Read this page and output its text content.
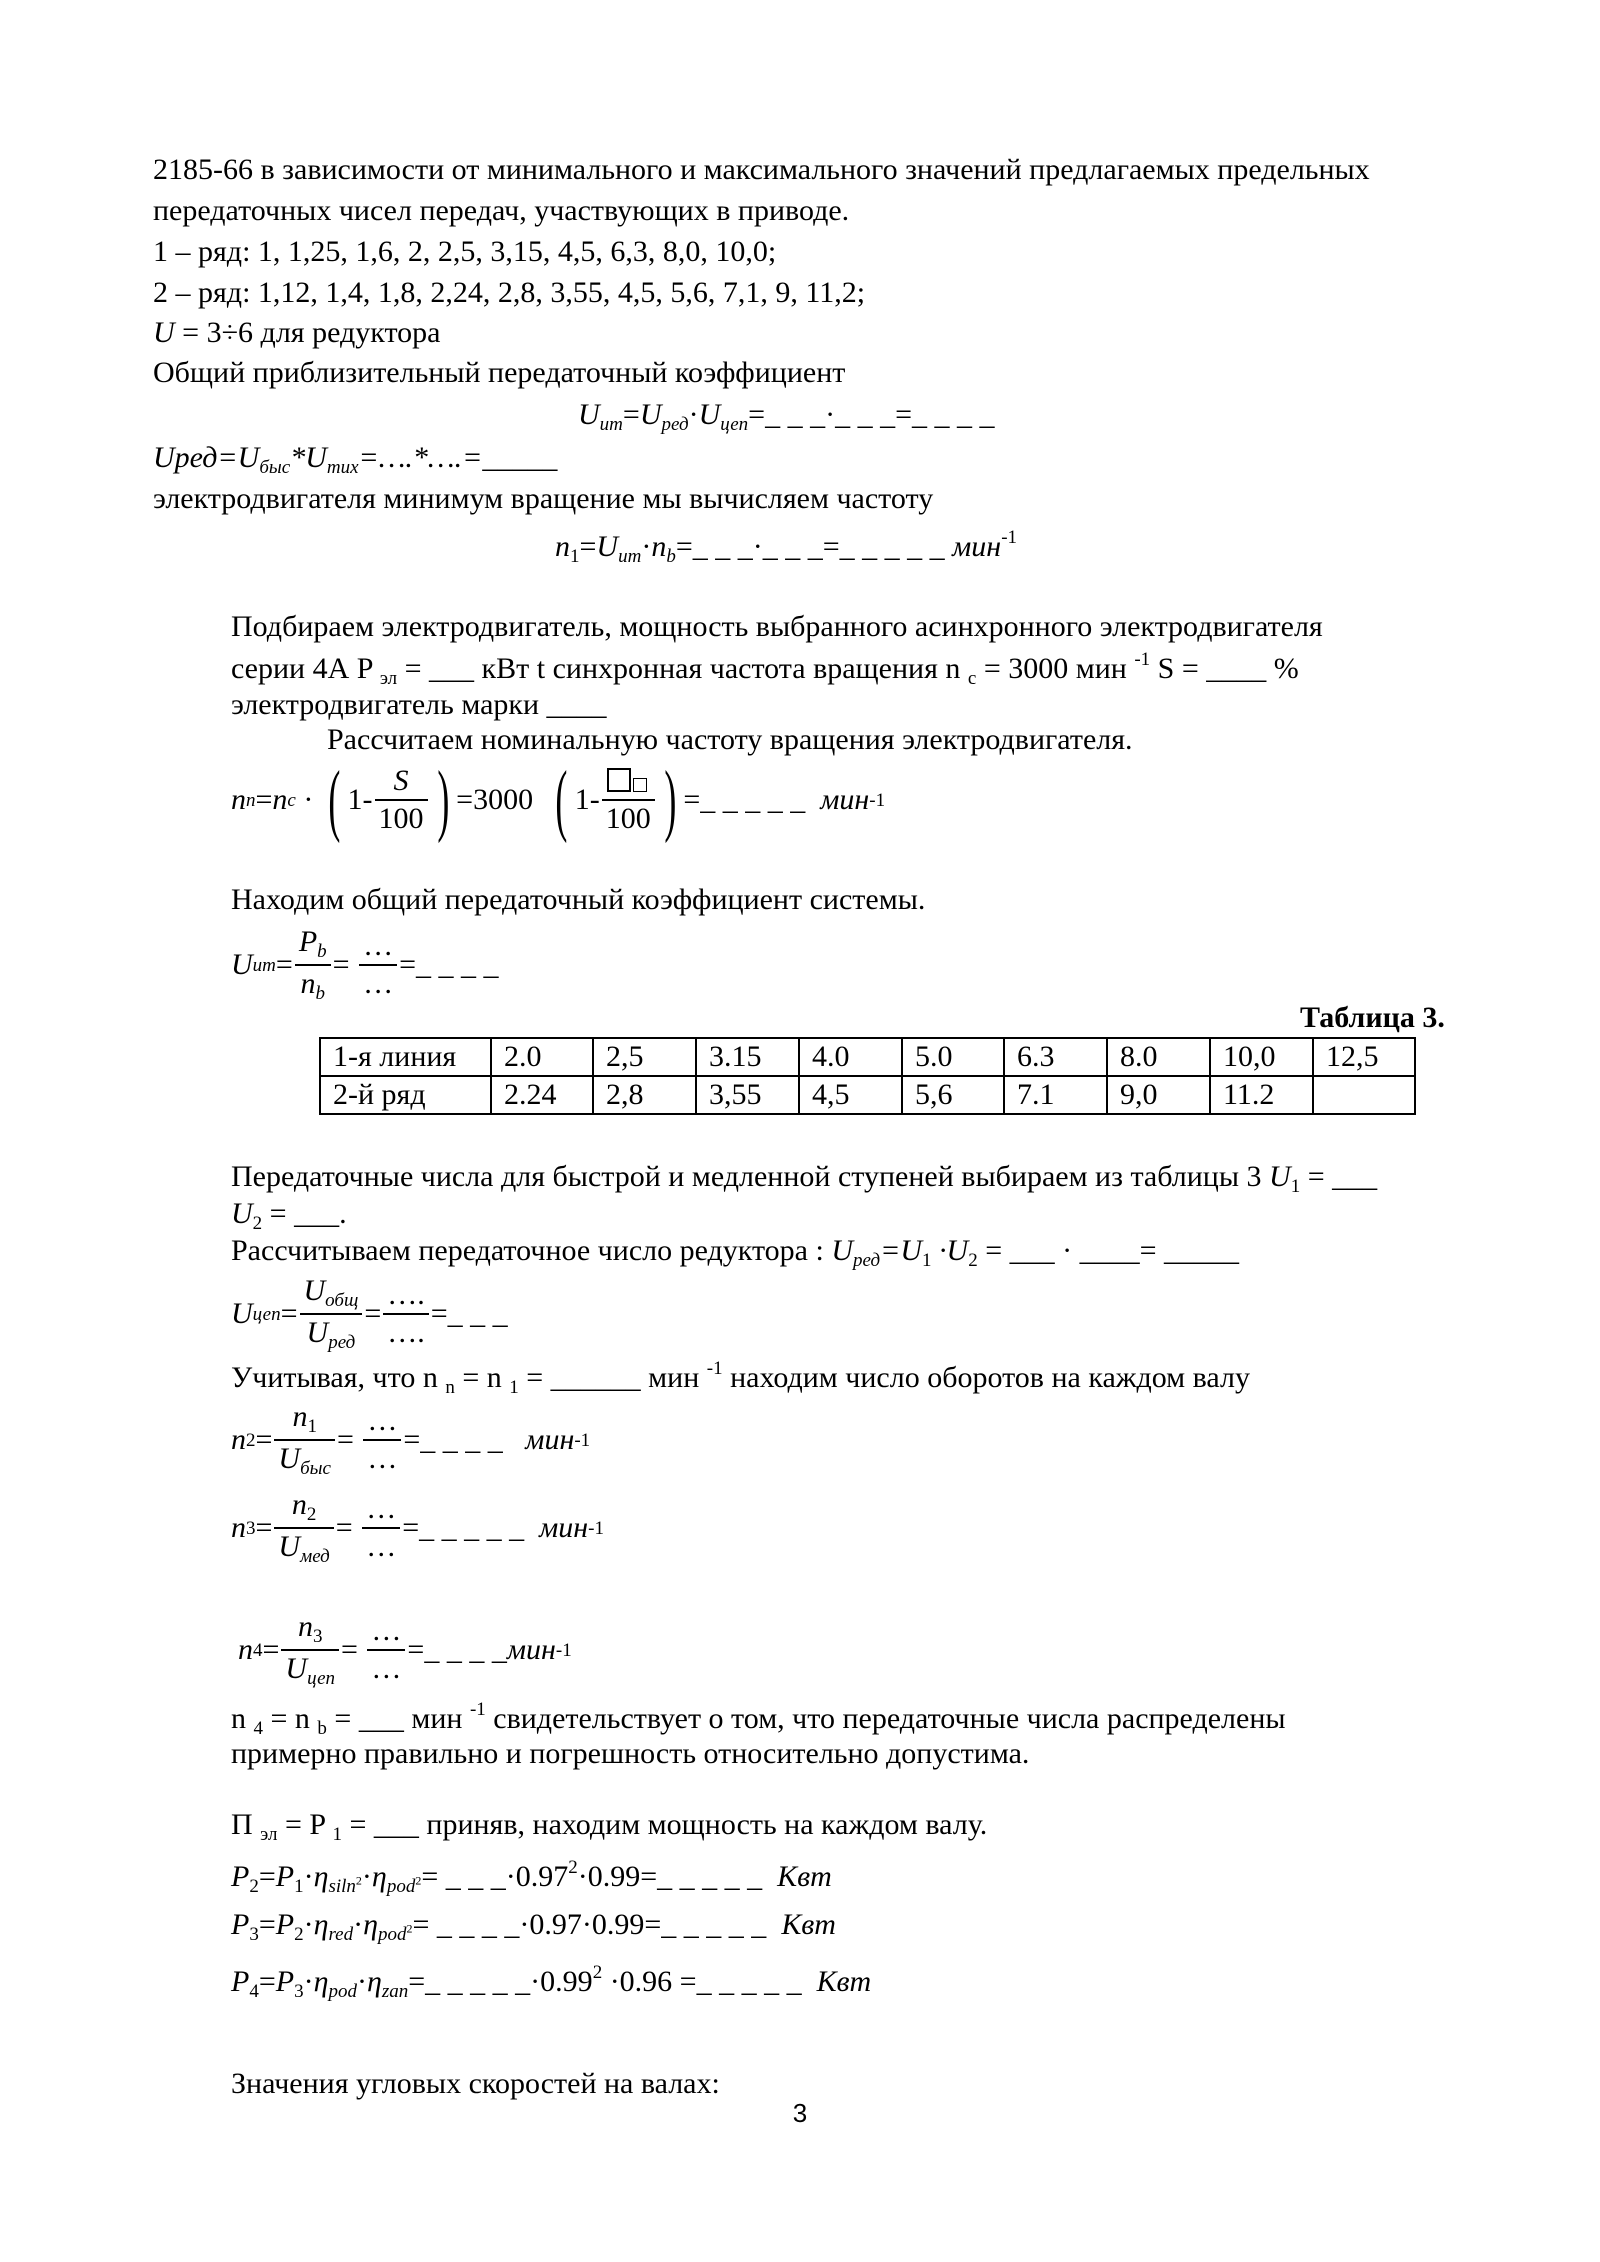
2185-66 в зависимости от минимального и максимального значений предлагаемых предельных
передаточных чисел передач, участвующих в приводе.
1 – ряд: 1, 1,25, 1,6, 2, 2,5, 3,15, 4,5, 6,3, 8,0, 10,0;
2 – ряд: 1,12, 1,4, 1,8, 2,24, 2,8, 3,55, 4,5, 5,6, 7,1, 9, 11,2;
U = 3÷6 для редуктора
Общий приблизительный передаточный коэффициент
$U_{ит}=U_{ред}\cdot U_{цеп}=\_$ _ _·_ _ _=_ _ _ _
$Uред=U_{быс}*U_{тих}=\dots.*\dots.=\_\_\_\_\_$
электродвигателя минимум вращение мы вычисляем частоту
$n_1=U_{ит}\cdot n_b=\_$ _ _·_ _ _=_ _ _ _ _ мин$^{-1}$
Подбираем электродвигатель, мощность выбранного асинхронного электродвигателя
серии 4А P $_{эл}$ = ___ кВт t синхронная частота вращения n $_c$ = 3000 мин $^{-1}$ S = ____ %
электродвигатель марки ____
Рассчитаем номинальную частоту вращения электродвигателя.
n n = n c · ( $1 - \frac{S}{100}$ ) = 3000
( 1 -
100 ) =_ _ _ _ _
мин -1
Находим общий передаточный коэффициент системы.
U ит = $\frac{P_b}{n_b} = \frac{\dots}{\dots}$ =_ _ _ _
Таблица 3.
1-я линия	2.0	2,5	3.15	4.0	5.0	6.3	8.0	10,0	12,5
2-й ряд	2.24	2,8	3,55	4,5	5,6	7.1	9,0	11.2	
Передаточные числа для быстрой и медленной ступеней выбираем из таблицы 3 $U_1$ = ___
$U_2$ = ___.
Рассчитываем передаточное число редуктора : $U_{ред}=U_1 \cdot U_2$ = ___ · ____= _____
U цеп = $\frac{U_{общ}}{U_{ред}} = \frac{\dots.}{\dots.}$ =_ _ _
Учитывая, что n $_n$ = n $_1$ = ______ мин $^{-1}$ находим число оборотов на каждом валу
n $2 = \frac{n_1}{U_{быс}} = \frac{\dots}{\dots}$ =_ _ _ _
мин -1
n $3 = \frac{n_2}{U_{мед}} = \frac{\dots}{\dots}$ =_ _ _ _ _
мин -1
n $4 = \frac{n_3}{U_{цеп}} = \frac{\dots}{\dots}$ =_ _ _ _ мин -1
n $_4$ = n $_b$ = ___ мин $^{-1}$ свидетельствует о том, что передаточные числа распределены
примерно правильно и погрешность относительно допустима.
П $_{эл}$ = P $_1$ = ___ приняв, находим мощность на каждом валу.
$P_2=P_1\cdot\eta_{siln^2}\cdot\eta_{pod^2}=$ _ _ $\_\cdot 0.97^2\cdot 0.99=\_$ _ _ _ _ Квт
$P_3=P_2\cdot\eta_{red}\cdot\eta_{pod^2}=$ _ _ _ _·0.97·0.99=_ _ _ _ _ Квт
$P_4=P_3\cdot\eta_{pod}\cdot\eta_{zan}=\_$ _ _ _ $\_\cdot 0.99^2 \cdot 0.96$ =_ _ _ _ _ Квт
Значения угловых скоростей на валах:
3
